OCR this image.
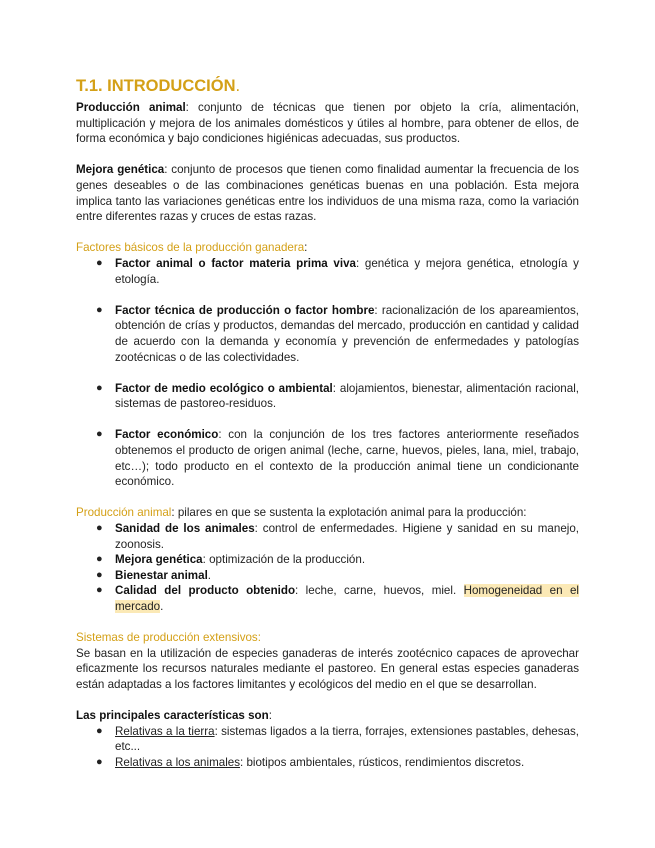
T.1. INTRODUCCIÓN.

Producción animal: conjunto de técnicas que tienen por objeto la cría, alimentación, multiplicación y mejora de los animales domésticos y útiles al hombre, para obtener de ellos, de forma económica y bajo condiciones higiénicas adecuadas, sus productos.

Mejora genética: conjunto de procesos que tienen como finalidad aumentar la frecuencia de los genes deseables o de las combinaciones genéticas buenas en una población. Esta mejora implica tanto las variaciones genéticas entre los individuos de una misma raza, como la variación entre diferentes razas y cruces de estas razas.

Factores básicos de la producción ganadera:

● Factor animal o factor materia prima viva: genética y mejora genética, etnología y etología.
● Factor técnica de producción o factor hombre: racionalización de los apareamientos, obtención de crías y productos, demandas del mercado, producción en cantidad y calidad de acuerdo con la demanda y economía y prevención de enfermedades y patologías zootécnicas o de las colectividades.
● Factor de medio ecológico o ambiental: alojamientos, bienestar, alimentación racional, sistemas de pastoreo-residuos.
● Factor económico: con la conjunción de los tres factores anteriormente reseñados obtenemos el producto de origen animal (leche, carne, huevos, pieles, lana, miel, trabajo, etc…); todo producto en el contexto de la producción animal tiene un condicionante económico.

Producción animal: pilares en que se sustenta la explotación animal para la producción:

● Sanidad de los animales: control de enfermedades. Higiene y sanidad en su manejo, zoonosis.
● Mejora genética: optimización de la producción.
● Bienestar animal.
● Calidad del producto obtenido: leche, carne, huevos, miel. Homogeneidad en el mercado.

Sistemas de producción extensivos:

Se basan en la utilización de especies ganaderas de interés zootécnico capaces de aprovechar eficazmente los recursos naturales mediante el pastoreo. En general estas especies ganaderas están adaptadas a los factores limitantes y ecológicos del medio en el que se desarrollan.

Las principales características son:

● Relativas a la tierra: sistemas ligados a la tierra, forrajes, extensiones pastables, dehesas, etc...
● Relativas a los animales: biotipos ambientales, rústicos, rendimientos discretos.
